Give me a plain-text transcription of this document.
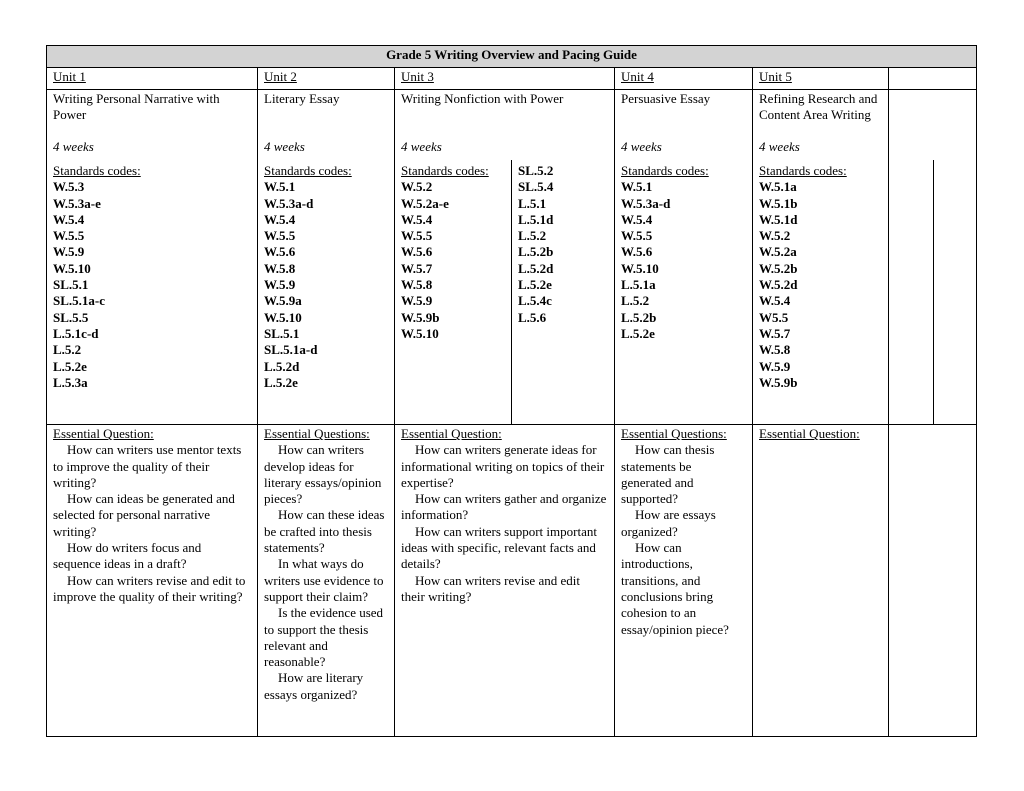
Grade 5 Writing Overview and Pacing Guide
Unit 1
Writing Personal Narrative with Power
4 weeks
Standards codes:
W.5.3
W.5.3a-e
W.5.4
W.5.5
W.5.9
W.5.10
SL.5.1
SL.5.1a-c
SL.5.5
L.5.1c-d
L.5.2
L.5.2e
L.5.3a
Essential Question:
How can writers use mentor texts to improve the quality of their writing?
How can ideas be generated and selected for personal narrative writing?
How do writers focus and sequence ideas in a draft?
How can writers revise and edit to improve the quality of their writing?
Unit 2
Literary Essay
4 weeks
Standards codes:
W.5.1
W.5.3a-d
W.5.4
W.5.5
W.5.6
W.5.8
W.5.9
W.5.9a
W.5.10
SL.5.1
SL.5.1a-d
L.5.2d
L.5.2e
Essential Questions:
How can writers develop ideas for literary essays/opinion pieces?
How can these ideas be crafted into thesis statements?
In what ways do writers use evidence to support their claim?
Is the evidence used to support the thesis relevant and reasonable?
How are literary essays organized?
Unit 3
Writing Nonfiction with Power
4 weeks
Standards codes:
W.5.2
W.5.2a-e
W.5.4
W.5.5
W.5.6
W.5.7
W.5.8
W.5.9
W.5.9b
W.5.10
SL.5.2
SL.5.4
L.5.1
L.5.1d
L.5.2
L.5.2b
L.5.2d
L.5.2e
L.5.4c
L.5.6
Essential Question:
How can writers generate ideas for informational writing on topics of their expertise?
How can writers gather and organize information?
How can writers support important ideas with specific, relevant facts and details?
How can writers revise and edit their writing?
Unit 4
Persuasive Essay
4 weeks
Standards codes:
W.5.1
W.5.3a-d
W.5.4
W.5.5
W.5.6
W.5.10
L.5.1a
L.5.2
L.5.2b
L.5.2e
Essential Questions:
How can thesis statements be generated and supported?
How are essays organized?
How can introductions, transitions, and conclusions bring cohesion to an essay/opinion piece?
Unit 5
Refining Research and Content Area Writing
4 weeks
Standards codes:
W.5.1a
W.5.1b
W.5.1d
W.5.2
W.5.2a
W.5.2b
W.5.2d
W.5.4
W5.5
W.5.7
W.5.8
W.5.9
W.5.9b
Essential Question:
